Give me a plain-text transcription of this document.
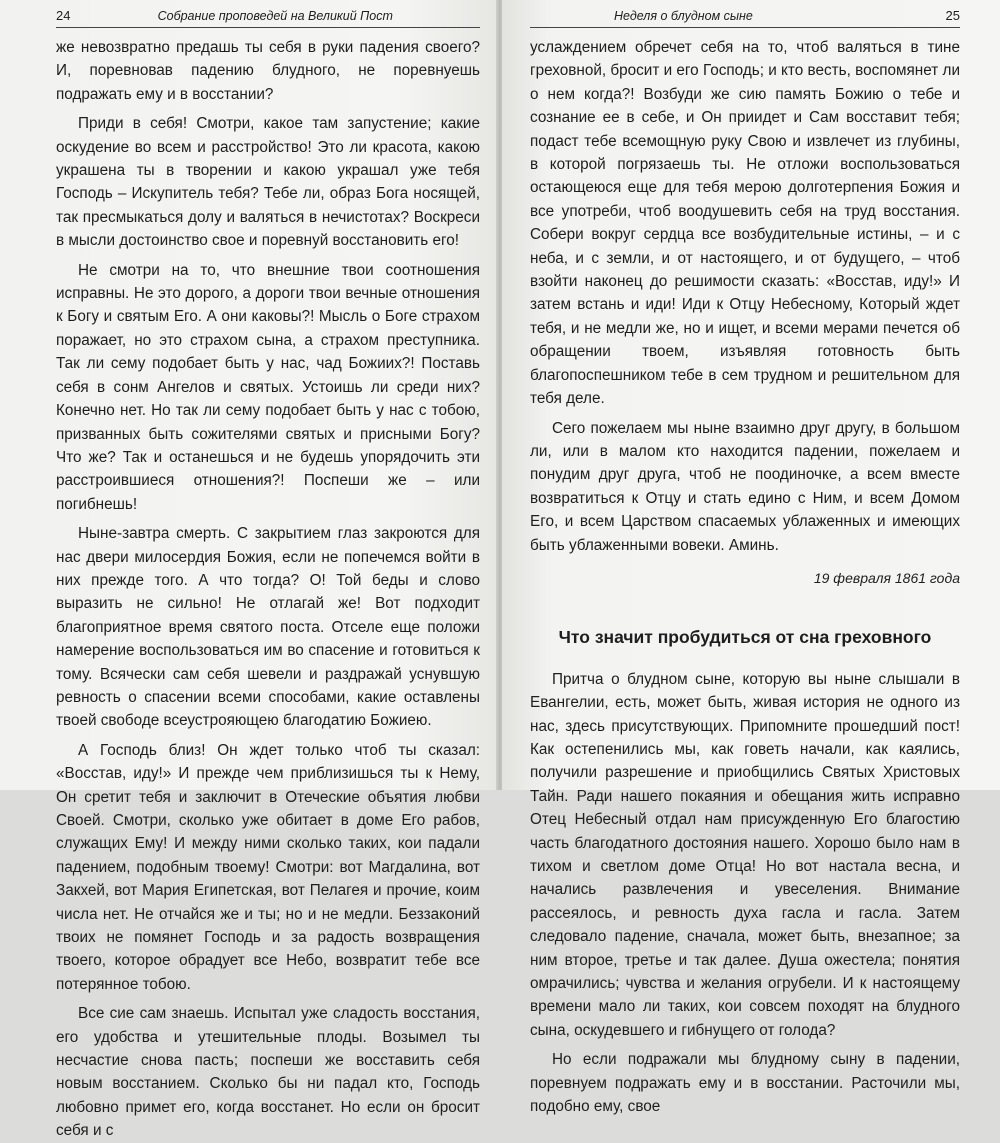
24	Собрание проповедей на Великий Пост

же невозвратно предашь ты себя в руки падения своего? И, поревновав падению блудного, не поревнуешь подражать ему и в восстании?

Приди в себя! Смотри, какое там запустение; какие оскудение во всем и расстройство! Это ли красота, какою украшена ты в творении и какою украшал уже тебя Господь – Искупитель тебя? Тебе ли, образ Бога носящей, так пресмыкаться долу и валяться в нечистотах? Воскреси в мысли достоинство свое и поревнуй восстановить его!

Не смотри на то, что внешние твои соотношения исправны. Не это дорого, а дороги твои вечные отношения к Богу и святым Его. А они каковы?! Мысль о Боге страхом поражает, но это страхом сына, а страхом преступника. Так ли сему подобает быть у нас, чад Божиих?! Поставь себя в сонм Ангелов и святых. Устоишь ли среди них? Конечно нет. Но так ли сему подобает быть у нас с тобою, призванных быть сожителями святых и присными Богу? Что же? Так и останешься и не будешь упорядочить эти расстроившиеся отношения?! Поспеши же – или погибнешь!

Ныне-завтра смерть. С закрытием глаз закроются для нас двери милосердия Божия, если не попечемся войти в них прежде того. А что тогда? О! Той беды и слово выразить не сильно! Не отлагай же! Вот подходит благоприятное время святого поста. Отселе еще положи намерение воспользоваться им во спасение и готовиться к тому. Всячески сам себя шевели и раздражай уснувшую ревность о спасении всеми способами, какие оставлены твоей свободе всеустрояющею благодатию Божиею.

А Господь близ! Он ждет только чтоб ты сказал: «Восстав, иду!» И прежде чем приблизишься ты к Нему, Он сретит тебя и заключит в Отеческие объятия любви Своей. Смотри, сколько уже обитает в доме Его рабов, служащих Ему! И между ними сколько таких, кои падали падением, подобным твоему! Смотри: вот Магдалина, вот Закхей, вот Мария Египетская, вот Пелагея и прочие, коим числа нет. Не отчайся же и ты; но и не медли. Беззаконий твоих не помянет Господь и за радость возвращения твоего, которое обрадует все Небо, возвратит тебе все потерянное тобою.

Все сие сам знаешь. Испытал уже сладость восстания, его удобства и утешительные плоды. Возымел ты несчастие снова пасть; поспеши же восставить себя новым восстанием. Сколько бы ни падал кто, Господь любовно примет его, когда восстанет. Но если он бросит себя и с

Неделя о блудном сыне	25

услаждением обречет себя на то, чтоб валяться в тине греховной, бросит и его Господь; и кто весть, воспомянет ли о нем когда?! Возбуди же сию память Божию о тебе и сознание ее в себе, и Он приидет и Сам восставит тебя; подаст тебе всемощную руку Свою и извлечет из глубины, в которой погрязаешь ты. Не отложи воспользоваться остающеюся еще для тебя мерою долготерпения Божия и все употреби, чтоб воодушевить себя на труд восстания. Собери вокруг сердца все возбудительные истины, – и с неба, и с земли, и от настоящего, и от будущего, – чтоб взойти наконец до решимости сказать: «Восстав, иду!» И затем встань и иди! Иди к Отцу Небесному, Который ждет тебя, и не медли же, но и ищет, и всеми мерами печется об обращении твоем, изъявляя готовность быть благопоспешником тебе в сем трудном и решительном для тебя деле.

Сего пожелаем мы ныне взаимно друг другу, в большом ли, или в малом кто находится падении, пожелаем и понудим друг друга, чтоб не поодиночке, а всем вместе возвратиться к Отцу и стать едино с Ним, и всем Домом Его, и всем Царством спасаемых ублаженных и имеющих быть ублаженными вовеки. Аминь.

19 февраля 1861 года

Что значит пробудиться от сна греховного

Притча о блудном сыне, которую вы ныне слышали в Евангелии, есть, может быть, живая история не одного из нас, здесь присутствующих. Припомните прошедший пост! Как остепенились мы, как говеть начали, как каялись, получили разрешение и приобщились Святых Христовых Тайн. Ради нашего покаяния и обещания жить исправно Отец Небесный отдал нам присужденную Его благостию часть благодатного достояния нашего. Хорошо было нам в тихом и светлом доме Отца! Но вот настала весна, и начались развлечения и увеселения. Внимание рассеялось, и ревность духа гасла и гасла. Затем следовало падение, сначала, может быть, внезапное; за ним второе, третье и так далее. Душа ожестела; понятия омрачились; чувства и желания огрубели. И к настоящему времени мало ли таких, кои совсем походят на блудного сына, оскудевшего и гибнущего от голода?

Но если подражали мы блудному сыну в падении, поревнуем подражать ему и в восстании. Расточили мы, подобно ему, свое
